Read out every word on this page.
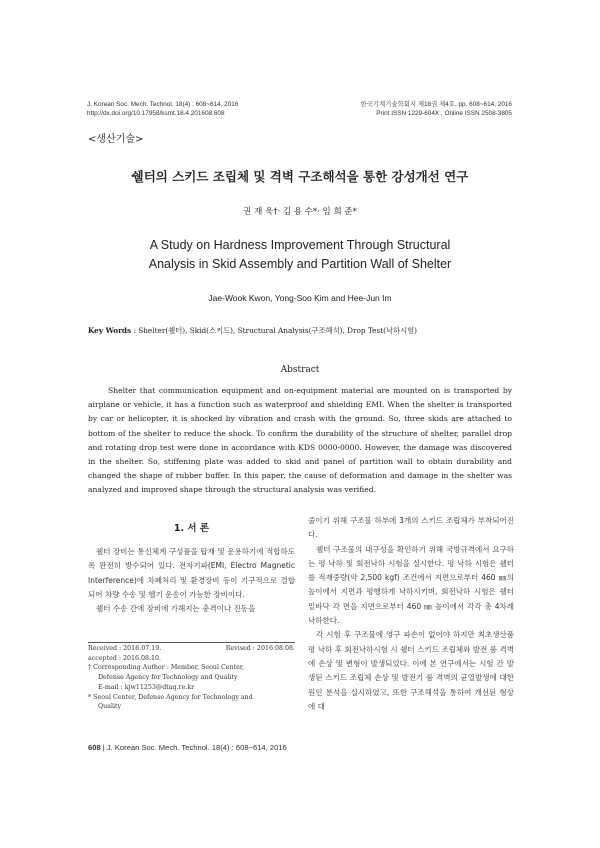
J. Korean Soc. Mech. Technol. 18(4) : 608~614, 2016
http://dx.doi.org/10.17958/ksmt.18.4.201608.608
한국기계기술학회지 제18권 제4호, pp. 608~614, 2016
Print ISSN 1229-604X , Online ISSN 2508-3805
<생산기술>
쉘터의 스키드 조립체 및 격벽 구조해석을 통한 강성개선 연구
권 재 욱†· 김 용 수*· 임 희 준*
A Study on Hardness Improvement Through Structural
Analysis in Skid Assembly and Partition Wall of Shelter
Jae-Wook Kwon, Yong-Soo Kim and Hee-Jun Im
Key Words : Shelter(쉘터), Skid(스키드), Structural Analysis(구조해석), Drop Test(낙하시험)
Abstract

Shelter that communication equipment and on-equipment material are mounted on is transported by airplane or vehicle, it has a function such as waterproof and shielding EMI. When the shelter is transported by car or helicopter, it is shocked by vibration and crash with the ground. So, three skids are attached to bottom of the shelter to reduce the shock. To confirm the durability of the structure of shelter, parallel drop and rotating drop test were done in accordance with KDS 0000-0000. However, the damage was discovered in the shelter. So, stiffening plate was added to skid and panel of partition wall to obtain durability and changed the shape of rubber buffer. In this paper, the cause of deformation and damage in the shelter was analyzed and improved shape through the structural analysis was verified.

1. 서 론

쉘터 장비는 통신체계 구성품을 탑재 및 운용하기에 적합하도록 완전히 방수되어 있다. 전자기파(EMI, Electro Magnetic Interference)에 차폐처리 및 환경장비 등이 기구적으로 결합되어 차량 수송 및 헬기 운송이 가능한 장비이다.

쉘터 수송 간에 장비에 가해지는 충격이나 진동을

Received : 2016.07.19.	Revised : 2016.08.08.
accepted : 2016.08.10.
† Corresponding Author : Member, Seoul Center,
Defense Agency for Technology and Quality
E-mail : kjw11253@dtaq.re.kr
* Seoul Center, Defense Agency for Technology and
Quality

줄이기 위해 구조물 하부에 3개의 스키드 조립체가 부착되어진다.

쉘터 구조물의 내구성을 확인하기 위해 국방규격에서 요구하는 평 낙하 및 회전낙하 시험을 실시한다. 평 낙하 시험은 쉘터를 적재중량(약 2,500 kgf) 조건에서 지면으로부터 460 ㎜의 높이에서 지면과 평행하게 낙하시키며, 회전낙하 시험은 쉘터 밑바닥 각 면을 지면으로부터 460 ㎜ 높이에서 각각 총 4차례 낙하한다.

각 시험 후 구조물에 영구 파손이 없어야 하지만 최초생산품 평 낙하 후 회전낙하시험 시 쉘터 스키드 조립체와 발전 룸 격벽에 손상 및 변형이 발생되었다. 이에 본 연구에서는 시험 간 발생된 스키드 조립체 손상 및 발전기 룸 격벽의 균열발생에 대한 원인 분석을 실시하였고, 또한 구조해석을 통하여 개선된 형상에 대

608 | J. Korean Soc. Mech. Technol. 18(4) : 608~614, 2016
